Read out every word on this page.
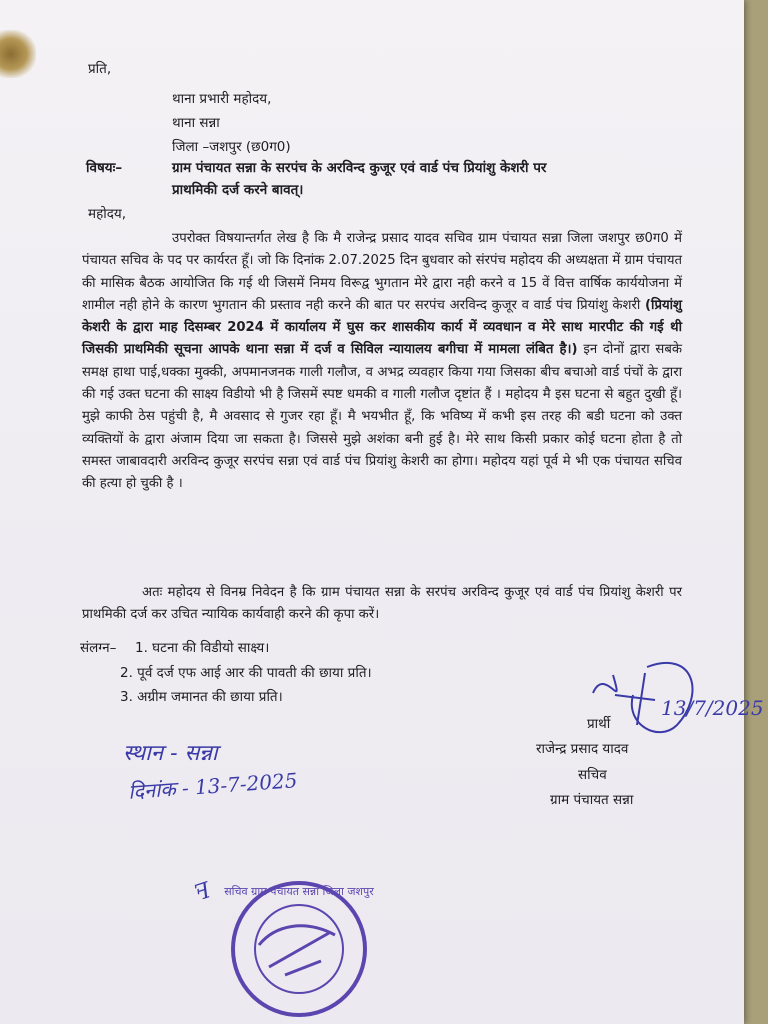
प्रति,
थाना प्रभारी महोदय,
थाना सन्ना
जिला –जशपुर (छ0ग0)
विषयः–	ग्राम पंचायत सन्ना के सरपंच के अरविन्द कुजूर एवं वार्ड पंच प्रियांशु केशरी पर
प्राथमिकी दर्ज करने बावत्।
महोदय,

उपरोक्त विषयान्तर्गत लेख है कि मै राजेन्द्र प्रसाद यादव सचिव ग्राम पंचायत सन्ना जिला जशपुर छ0ग0 में पंचायत सचिव के पद पर कार्यरत हूँ। जो कि दिनांक 2.07.2025 दिन बुधवार को संरपंच महोदय की अध्यक्षता में ग्राम पंचायत की मासिक बैठक आयोजित कि गई थी जिसमें निमय विरूद्व भुगतान मेरे द्वारा नही करने व 15 वें वित्त वार्षिक कार्ययोजना में शामील नही होने के कारण भुगतान की प्रस्ताव नही करने की बात पर सरपंच अरविन्द कुजूर व वार्ड पंच प्रियांशु केशरी (प्रियांशु केशरी के द्वारा माह दिसम्बर 2024 में कार्यालय में घुस कर शासकीय कार्य में व्यवधान व मेरे साथ मारपीट की गई थी जिसकी प्राथमिकी सूचना आपके थाना सन्ना में दर्ज व सिविल न्यायालय बगीचा में मामला लंबित है।) इन दोनों द्वारा सबके समक्ष हाथा पाई,धक्का मुक्की, अपमानजनक गाली गलौज, व अभद्र व्यवहार किया गया जिसका बीच बचाओ वार्ड पंचों के द्वारा की गई उक्त घटना की साक्ष्य विडीयो भी है जिसमें स्पष्ट धमकी व गाली गलौज दृष्टांत हैं । महोदय मै इस घटना से बहुत दुखी हूँ। मुझे काफी ठेस पहुंची है, मै अवसाद से गुजर रहा हूँ। मै भयभीत हूँ, कि भविष्य में कभी इस तरह की बडी घटना को उक्त व्यक्तियों के द्वारा अंजाम दिया जा सकता है। जिससे मुझे अशंका बनी हुई है। मेरे साथ किसी प्रकार कोई घटना होता है तो समस्त जाबावदारी अरविन्द कुजूर सरपंच सन्ना एवं वार्ड पंच प्रियांशु केशरी का होगा। महोदय यहां पूर्व मे भी एक पंचायत सचिव की हत्या हो चुकी है ।

अतः महोदय से विनम्र निवेदन है कि ग्राम पंचायत सन्ना के सरपंच अरविन्द कुजूर एवं वार्ड पंच प्रियांशु केशरी पर प्राथमिकी दर्ज कर उचित न्यायिक कार्यवाही करने की कृपा करें।

संलग्न– 1. घटना की विडीयो साक्ष्य।
2. पूर्व दर्ज एफ आई आर की पावती की छाया प्रति।
3. अग्रीम जमानत की छाया प्रति।
प्रार्थी
राजेन्द्र प्रसाद यादव
सचिव
ग्राम पंचायत सन्ना
स्थान - सन्ना
दिनांक - 13-7-2025
13/7/2025
सचिव ग्राम पंचायत सन्ना जिला जशपुर
ꟻ
